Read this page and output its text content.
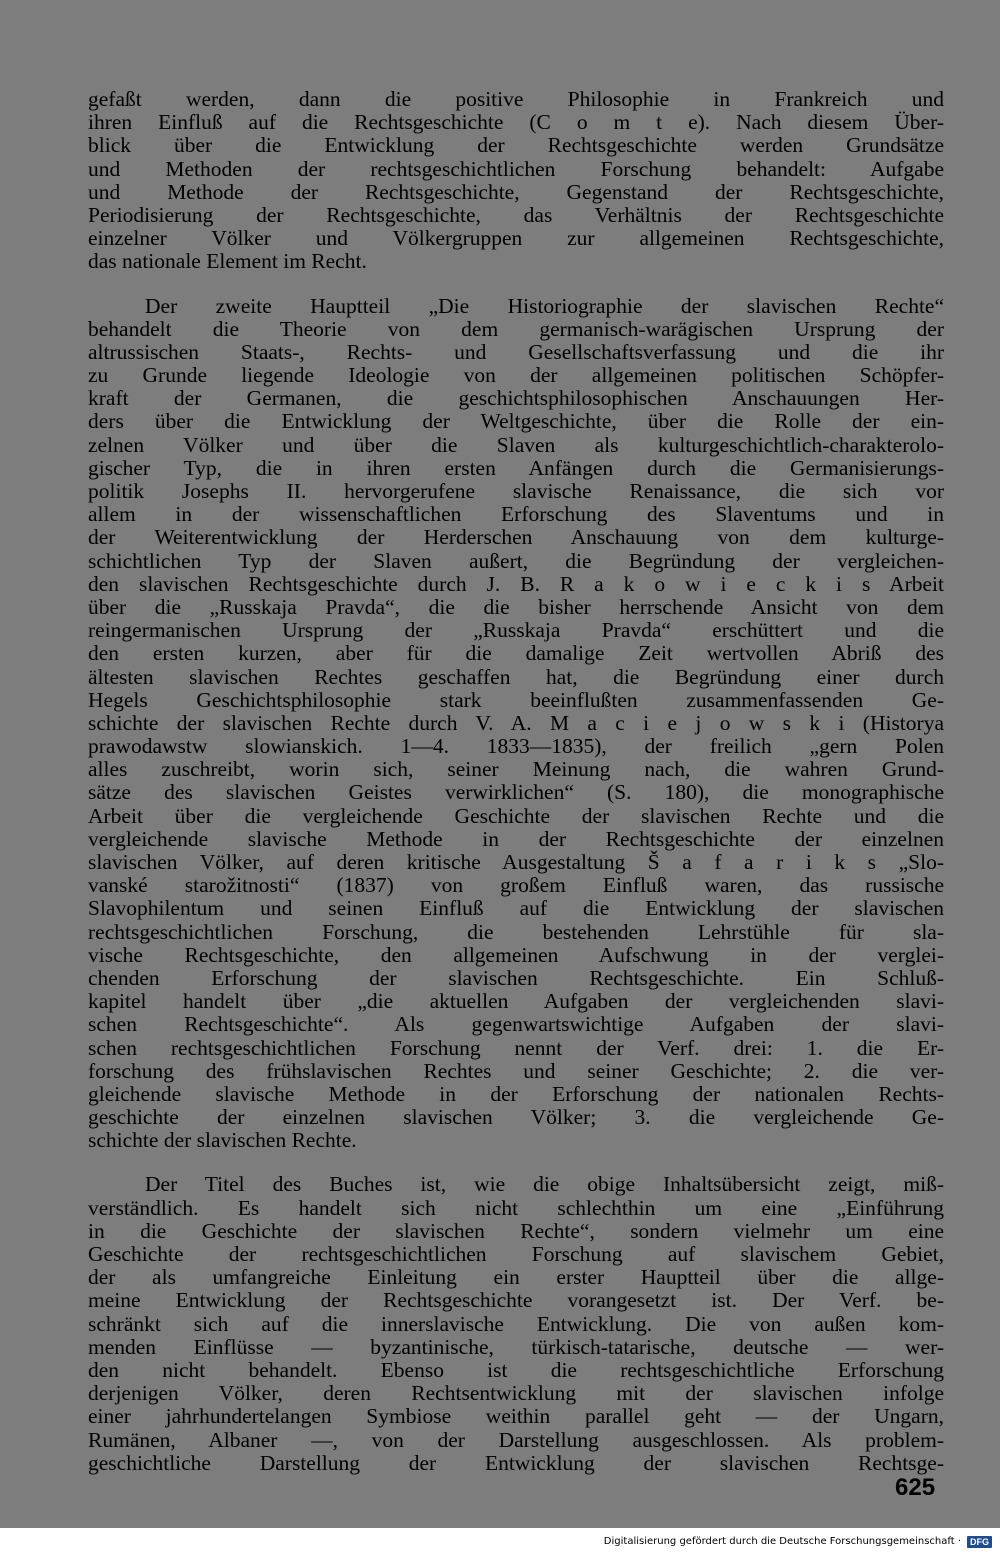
gefaßt werden, dann die positive Philosophie in Frankreich und
ihren Einfluß auf die Rechtsgeschichte (C o m t e). Nach diesem Über-
blick über die Entwicklung der Rechtsgeschichte werden Grundsätze
und Methoden der rechtsgeschichtlichen Forschung behandelt: Aufgabe
und Methode der Rechtsgeschichte, Gegenstand der Rechtsgeschichte,
Periodisierung der Rechtsgeschichte, das Verhältnis der Rechtsgeschichte
einzelner Völker und Völkergruppen zur allgemeinen Rechtsgeschichte,
das nationale Element im Recht.
Der zweite Hauptteil „Die Historiographie der slavischen Rechte“
behandelt die Theorie von dem germanisch-warägischen Ursprung der
altrussischen Staats-, Rechts- und Gesellschaftsverfassung und die ihr
zu Grunde liegende Ideologie von der allgemeinen politischen Schöpfer-
kraft der Germanen, die geschichtsphilosophischen Anschauungen Her-
ders über die Entwicklung der Weltgeschichte, über die Rolle der ein-
zelnen Völker und über die Slaven als kulturgeschichtlich-charakterolo-
gischer Typ, die in ihren ersten Anfängen durch die Germanisierungs-
politik Josephs II. hervorgerufene slavische Renaissance, die sich vor
allem in der wissenschaftlichen Erforschung des Slaventums und in
der Weiterentwicklung der Herderschen Anschauung von dem kulturge-
schichtlichen Typ der Slaven außert, die Begründung der vergleichen-
den slavischen Rechtsgeschichte durch J. B. R a k o w i e c k i s Arbeit
über die „Russkaja Pravda“, die die bisher herrschende Ansicht von dem
reingermanischen Ursprung der „Russkaja Pravda“ erschüttert und die
den ersten kurzen, aber für die damalige Zeit wertvollen Abriß des
ältesten slavischen Rechtes geschaffen hat, die Begründung einer durch
Hegels Geschichtsphilosophie stark beeinflußten zusammenfassenden Ge-
schichte der slavischen Rechte durch V. A. M a c i e j o w s k i (Historya
prawodawstw slowianskich. 1—4. 1833—1835), der freilich „gern Polen
alles zuschreibt, worin sich, seiner Meinung nach, die wahren Grund-
sätze des slavischen Geistes verwirklichen“ (S. 180), die monographische
Arbeit über die vergleichende Geschichte der slavischen Rechte und die
vergleichende slavische Methode in der Rechtsgeschichte der einzelnen
slavischen Völker, auf deren kritische Ausgestaltung Š a f a r i k s „Slo-
vanské starožitnosti“ (1837) von großem Einfluß waren, das russische
Slavophilentum und seinen Einfluß auf die Entwicklung der slavischen
rechtsgeschichtlichen Forschung, die bestehenden Lehrstühle für sla-
vische Rechtsgeschichte, den allgemeinen Aufschwung in der verglei-
chenden Erforschung der slavischen Rechtsgeschichte. Ein Schluß-
kapitel handelt über „die aktuellen Aufgaben der vergleichenden slavi-
schen Rechtsgeschichte“. Als gegenwartswichtige Aufgaben der slavi-
schen rechtsgeschichtlichen Forschung nennt der Verf. drei: 1. die Er-
forschung des frühslavischen Rechtes und seiner Geschichte; 2. die ver-
gleichende slavische Methode in der Erforschung der nationalen Rechts-
geschichte der einzelnen slavischen Völker; 3. die vergleichende Ge-
schichte der slavischen Rechte.
Der Titel des Buches ist, wie die obige Inhaltsübersicht zeigt, miß-
verständlich. Es handelt sich nicht schlechthin um eine „Einführung
in die Geschichte der slavischen Rechte“, sondern vielmehr um eine
Geschichte der rechtsgeschichtlichen Forschung auf slavischem Gebiet,
der als umfangreiche Einleitung ein erster Hauptteil über die allge-
meine Entwicklung der Rechtsgeschichte vorangesetzt ist. Der Verf. be-
schränkt sich auf die innerslavische Entwicklung. Die von außen kom-
menden Einflüsse — byzantinische, türkisch-tatarische, deutsche — wer-
den nicht behandelt. Ebenso ist die rechtsgeschichtliche Erforschung
derjenigen Völker, deren Rechtsentwicklung mit der slavischen infolge
einer jahrhundertelangen Symbiose weithin parallel geht — der Ungarn,
Rumänen, Albaner —, von der Darstellung ausgeschlossen. Als problem-
geschichtliche Darstellung der Entwicklung der slavischen Rechtsge-
625
Digitalisierung gefördert durch die Deutsche Forschungsgemeinschaft ·	DFG
